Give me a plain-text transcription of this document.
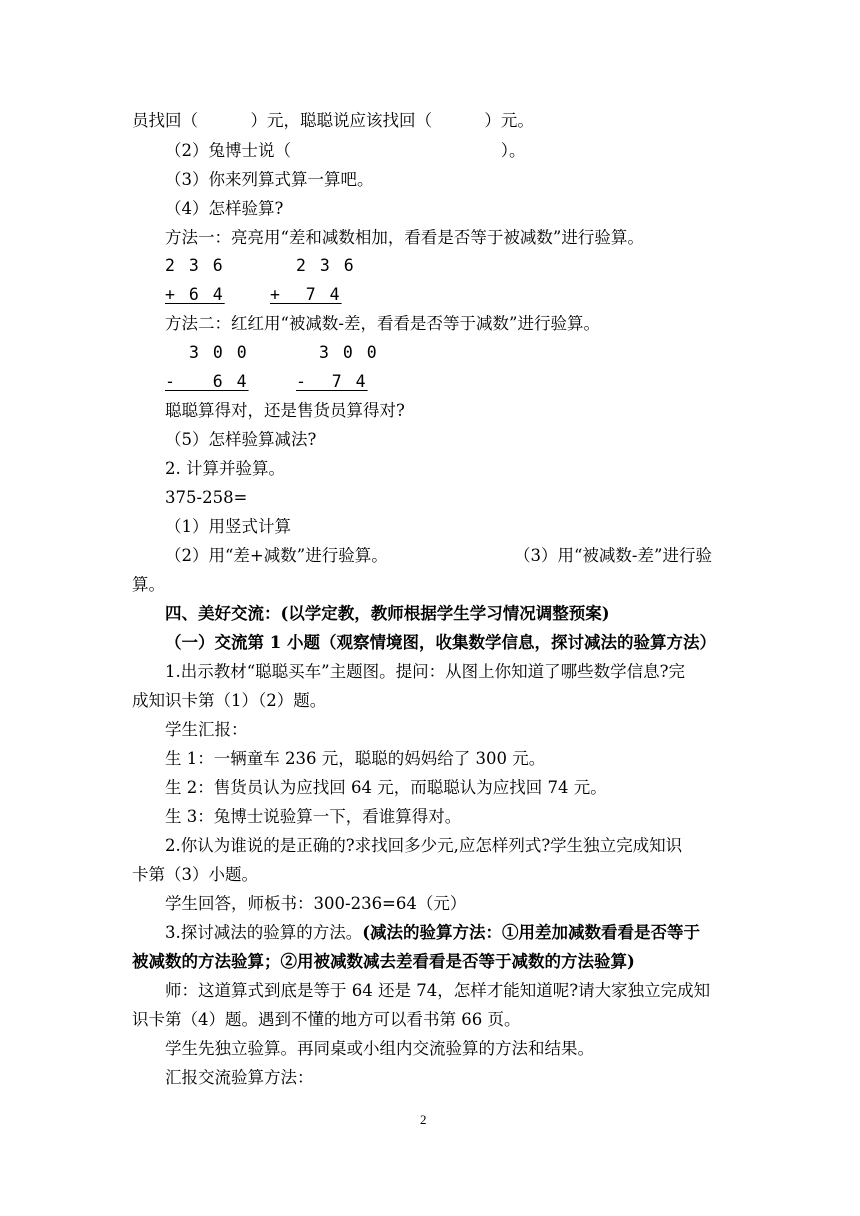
员找回（          ）元，聪聪说应该找回（          ）元。
（2）兔博士说（                                        ）。
（3）你来列算式算一算吧。
（4）怎样验算?
方法一：亮亮用“差和减数相加，看看是否等于被减数”进行验算。
2 3 6	2 3 6
+ 6 4	+  7 4
方法二：红红用“被减数-差，看看是否等于减数”进行验算。
3 0 0	3 0 0
-   6 4	-  7 4
聪聪算得对，还是售货员算得对?
（5）怎样验算减法?
2. 计算并验算。
375-258=
（1）用竖式计算
（2）用“差+减数”进行验算。	（3）用“被减数-差”进行验
算。
四、美好交流：(以学定教，教师根据学生学习情况调整预案)
（一）交流第 1 小题（观察情境图，收集数学信息，探讨减法的验算方法）
1.出示教材“聪聪买车”主题图。提问：从图上你知道了哪些数学信息?完
成知识卡第（1）（2）题。
学生汇报：
生 1：一辆童车 236 元，聪聪的妈妈给了 300 元。
生 2：售货员认为应找回 64 元，而聪聪认为应找回 74 元。
生 3：兔博士说验算一下，看谁算得对。
2.你认为谁说的是正确的?求找回多少元,应怎样列式?学生独立完成知识
卡第（3）小题。
学生回答，师板书：300-236=64（元）
3.探讨减法的验算的方法。(减法的验算方法：①用差加减数看看是否等于
被减数的方法验算；②用被减数减去差看看是否等于减数的方法验算)
师：这道算式到底是等于 64 还是 74，怎样才能知道呢?请大家独立完成知
识卡第（4）题。遇到不懂的地方可以看书第 66 页。
学生先独立验算。再同桌或小组内交流验算的方法和结果。
汇报交流验算方法：
2
